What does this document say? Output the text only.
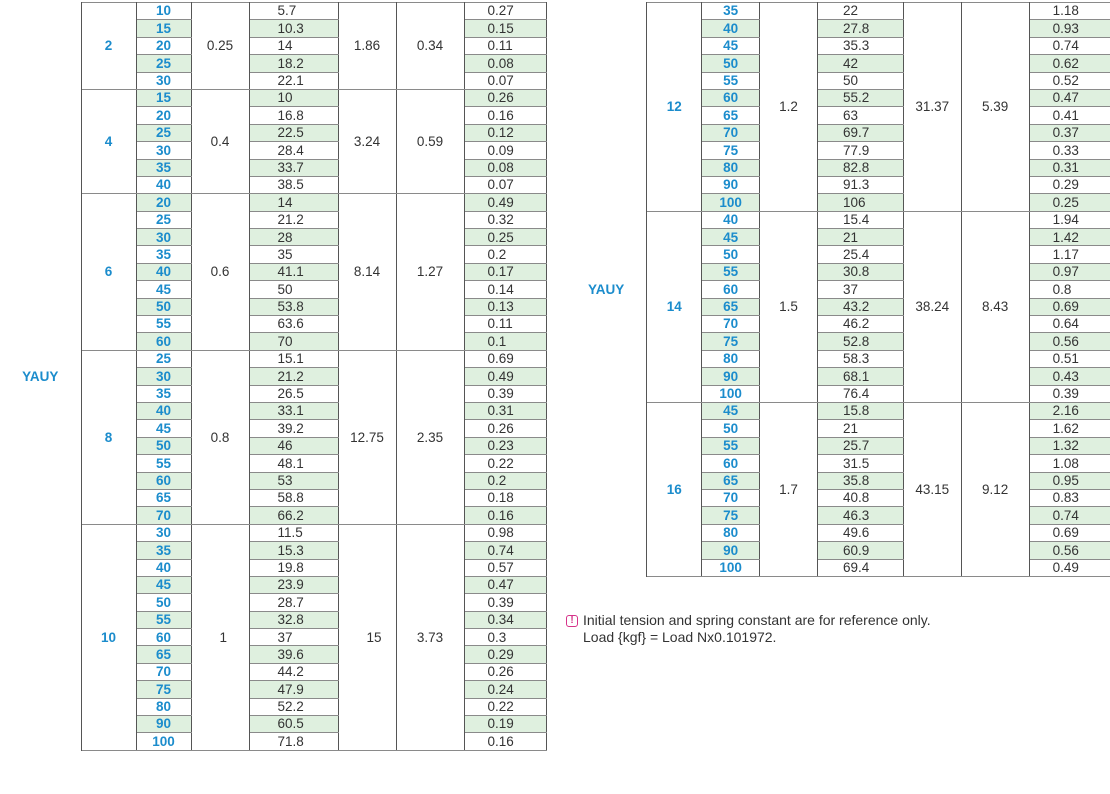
YAUY	2	10	0.25	5.7	1.86	0.34	0.27
		15		10.3			0.15
		20		14			0.11
		25		18.2			0.08
		30		22.1			0.07
	4	15	0.4	10	3.24	0.59	0.26
		20		16.8			0.16
		25		22.5			0.12
		30		28.4			0.09
		35		33.7			0.08
		40		38.5			0.07
	6	20	0.6	14	8.14	1.27	0.49
		25		21.2			0.32
		30		28			0.25
		35		35			0.2
		40		41.1			0.17
		45		50			0.14
		50		53.8			0.13
		55		63.6			0.11
		60		70			0.1
	8	25	0.8	15.1	12.75	2.35	0.69
		30		21.2			0.49
		35		26.5			0.39
		40		33.1			0.31
		45		39.2			0.26
		50		46			0.23
		55		48.1			0.22
		60		53			0.2
		65		58.8			0.18
		70		66.2			0.16
	10	30	1	11.5	15	3.73	0.98
		35		15.3			0.74
		40		19.8			0.57
		45		23.9			0.47
		50		28.7			0.39
		55		32.8			0.34
		60		37			0.3
		65		39.6			0.29
		70		44.2			0.26
		75		47.9			0.24
		80		52.2			0.22
		90		60.5			0.19
		100		71.8			0.16
YAUY	12	35	1.2	22	31.37	5.39	1.18
		40		27.8			0.93
		45		35.3			0.74
		50		42			0.62
		55		50			0.52
		60		55.2			0.47
		65		63			0.41
		70		69.7			0.37
		75		77.9			0.33
		80		82.8			0.31
		90		91.3			0.29
		100		106			0.25
	14	40	1.5	15.4	38.24	8.43	1.94
		45		21			1.42
		50		25.4			1.17
		55		30.8			0.97
		60		37			0.8
		65		43.2			0.69
		70		46.2			0.64
		75		52.8			0.56
		80		58.3			0.51
		90		68.1			0.43
		100		76.4			0.39
	16	45	1.7	15.8	43.15	9.12	2.16
		50		21			1.62
		55		25.7			1.32
		60		31.5			1.08
		65		35.8			0.95
		70		40.8			0.83
		75		46.3			0.74
		80		49.6			0.69
		90		60.9			0.56
		100		69.4			0.49
! Initial tension and spring constant are for reference only.
Load {kgf} = Load Nx0.101972.
